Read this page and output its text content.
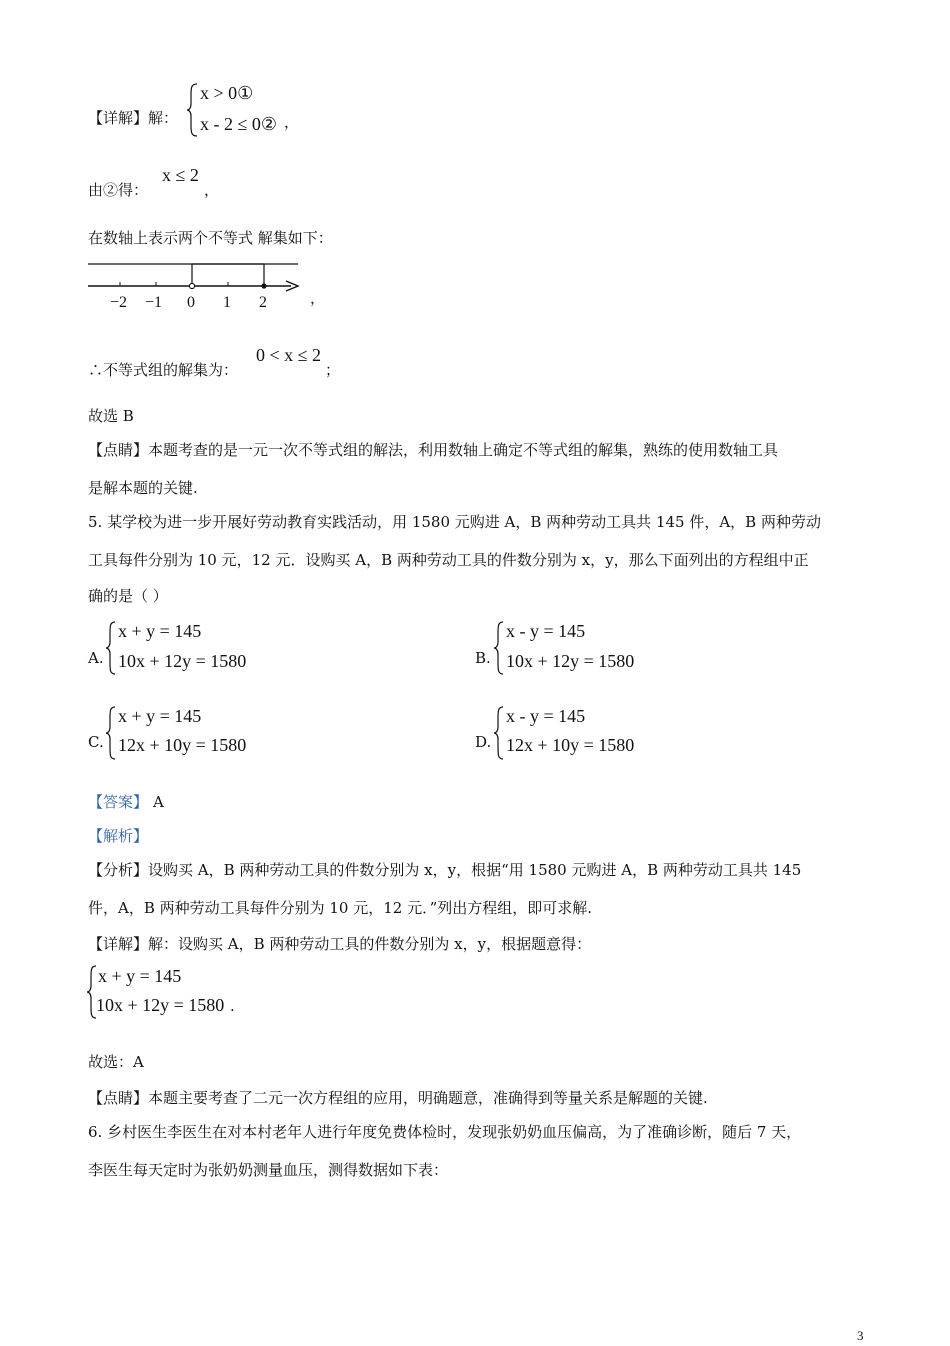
【详解】解：
x > 0①
x - 2 ≤ 0② ，
由②得：
x ≤ 2
，
在数轴上表示两个不等式 解集如下：
−2 −1 0 1 2	，
∴不等式组的解集为：
0 < x ≤ 2
；
故选 B
【点睛】本题考查的是一元一次不等式组的解法，利用数轴上确定不等式组的解集，熟练的使用数轴工具
是解本题的关键.
5. 某学校为进一步开展好劳动教育实践活动，用 1580 元购进 A，B 两种劳动工具共 145 件，A，B 两种劳动
工具每件分别为 10 元，12 元．设购买 A，B 两种劳动工具的件数分别为 x，y，那么下面列出的方程组中正
确的是（ ）
A.
x + y = 145
10x + 12y = 1580	B.
x - y = 145
10x + 12y = 1580
C.
x + y = 145
12x + 10y = 1580	D.
x - y = 145
12x + 10y = 1580
【答案】 A
【解析】
【分析】设购买 A，B 两种劳动工具的件数分别为 x，y，根据“用 1580 元购进 A，B 两种劳动工具共 145
件，A，B 两种劳动工具每件分别为 10 元，12 元．”列出方程组，即可求解.
【详解】解：设购买 A，B 两种劳动工具的件数分别为 x，y，根据题意得：
x + y = 145
10x + 12y = 1580 .
故选：A
【点睛】本题主要考查了二元一次方程组的应用，明确题意，准确得到等量关系是解题的关键.
6. 乡村医生李医生在对本村老年人进行年度免费体检时，发现张奶奶血压偏高，为了准确诊断，随后 7 天，
李医生每天定时为张奶奶测量血压，测得数据如下表：
3
